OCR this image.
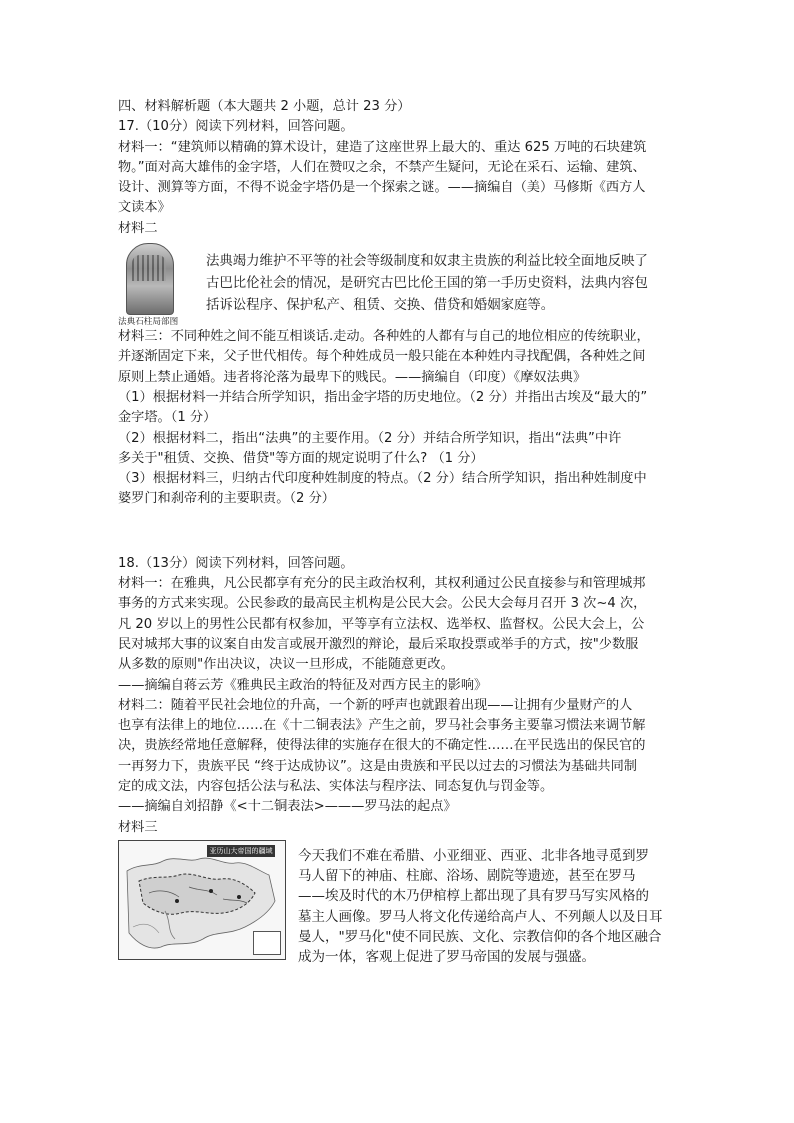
四、材料解析题（本大题共 2 小题，总计 23 分）
17.（10分）阅读下列材料，回答问题。
材料一：“建筑师以精确的算术设计，建造了这座世界上最大的、重达 625 万吨的石块建筑
物。”面对高大雄伟的金字塔，人们在赞叹之余，不禁产生疑问，无论在采石、运输、建筑、
设计、测算等方面，不得不说金字塔仍是一个探索之谜。——摘编自（美）马修斯《西方人
文读本》
材料二
法典石柱局部图
法典竭力维护不平等的社会等级制度和奴隶主贵族的利益比较全面地反映了
古巴比伦社会的情况，是研究古巴比伦王国的第一手历史资料，法典内容包
括诉讼程序、保护私产、租赁、交换、借贷和婚姻家庭等。
材料三：不同种姓之间不能互相谈话.走动。各种姓的人都有与自己的地位相应的传统职业，
并逐渐固定下来，父子世代相传。每个种姓成员一般只能在本种姓内寻找配偶，各种姓之间
原则上禁止通婚。违者将沦落为最卑下的贱民。——摘编自（印度）《摩奴法典》
（1）根据材料一并结合所学知识，指出金字塔的历史地位。（2 分）并指出古埃及“最大的”
金字塔。（1 分）
（2）根据材料二，指出“法典”的主要作用。（2 分）并结合所学知识，指出“法典”中许
多关于"租赁、交换、借贷"等方面的规定说明了什么? （1 分）
（3）根据材料三，归纳古代印度种姓制度的特点。（2 分）结合所学知识，指出种姓制度中
婆罗门和刹帝利的主要职责。（2 分）
18.（13分）阅读下列材料，回答问题。
材料一：在雅典，凡公民都享有充分的民主政治权利，其权利通过公民直接参与和管理城邦
事务的方式来实现。公民参政的最高民主机构是公民大会。公民大会每月召开 3 次~4 次，
凡 20 岁以上的男性公民都有权参加，平等享有立法权、选举权、监督权。公民大会上，公
民对城邦大事的议案自由发言或展开激烈的辩论，最后采取投票或举手的方式，按"少数服
从多数的原则"作出决议，决议一旦形成，不能随意更改。
——摘编自蒋云芳《雅典民主政治的特征及对西方民主的影响》
材料二：随着平民社会地位的升高，一个新的呼声也就跟着出现——让拥有少量财产的人
也享有法律上的地位……在《十二铜表法》产生之前，罗马社会事务主要靠习惯法来调节解
决，贵族经常地任意解释，使得法律的实施存在很大的不确定性……在平民选出的保民官的
一再努力下，贵族平民 “终于达成协议”。这是由贵族和平民以过去的习惯法为基础共同制
定的成文法，内容包括公法与私法、实体法与程序法、同态复仇与罚金等。
——摘编自刘招静《<十二铜表法>———罗马法的起点》
材料三
亚历山大帝国的疆域 今天我们不难在希腊、小亚细亚、西亚、北非各地寻觅到罗
马人留下的神庙、柱廊、浴场、剧院等遗迹，甚至在罗马
——埃及时代的木乃伊棺椁上都出现了具有罗马写实风格的
墓主人画像。罗马人将文化传递给高卢人、不列颠人以及日耳
曼人，"罗马化"使不同民族、文化、宗教信仰的各个地区融合
成为一体，客观上促进了罗马帝国的发展与强盛。
